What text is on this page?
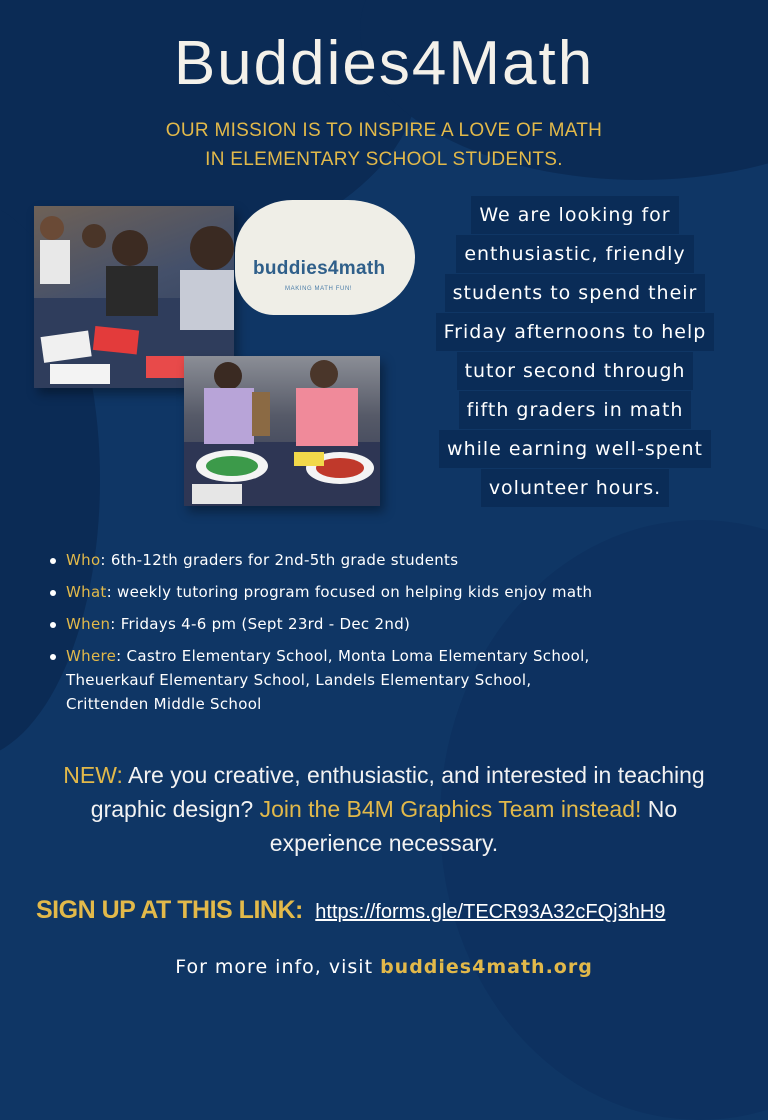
Buddies4Math
OUR MISSION IS TO INSPIRE A LOVE OF MATH
IN ELEMENTARY SCHOOL STUDENTS.
buddies4math
MAKING MATH FUN!
We are looking for
enthusiastic, friendly
students to spend their
Friday afternoons to help
tutor second through
fifth graders in math
while earning well-spent
volunteer hours.
Who: 6th-12th graders for 2nd-5th grade students
What: weekly tutoring program focused on helping kids enjoy math
When: Fridays 4-6 pm (Sept 23rd - Dec 2nd)
Where: Castro Elementary School, Monta Loma Elementary School,
Theuerkauf Elementary School, Landels Elementary School,
Crittenden Middle School
NEW: Are you creative, enthusiastic, and interested in teaching graphic design? Join the B4M Graphics Team instead! No experience necessary.
SIGN UP AT THIS LINK: https://forms.gle/TECR93A32cFQj3hH9
For more info, visit buddies4math.org
